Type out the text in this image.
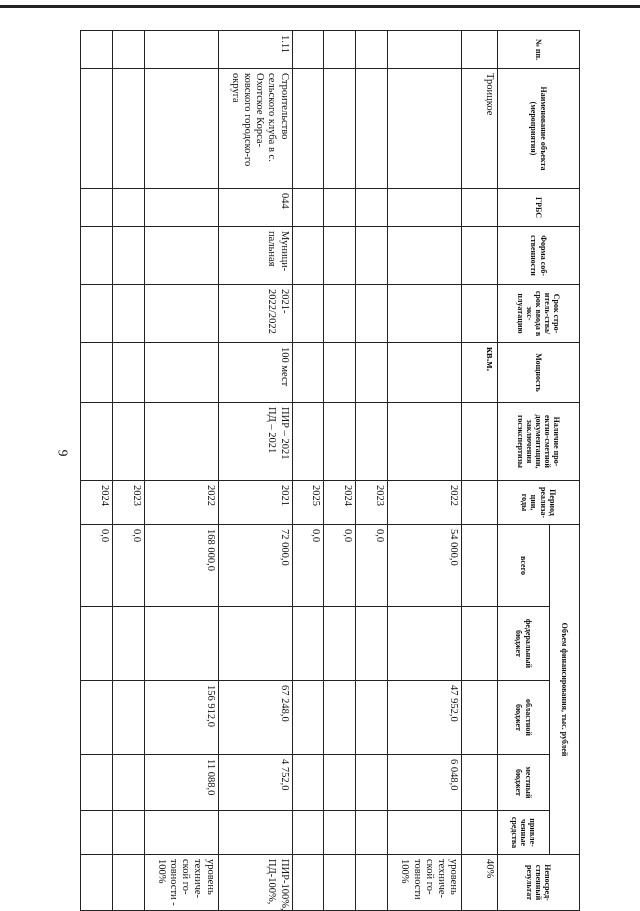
9
№ пп.	Наименование объекта (мероприятия)	ГРБС	Форма соб-ственности	Срок стро-итель-ства/срок ввода в экс-плуатацию	Мощность	Наличие про-ектно-сметной документации, заключения госэкспертизы	Период реализа-ции, годы	Объем финансирования, тыс. рублей					Непосред-ственный результат
								всего	федеральный бюджет	областной бюджет	местный бюджет	привле-ченные средства	
	Троицкое				кв.м.								40%
							2022	54 000,0		47 952,0	6 048,0		уровень техниче-ской го-товности 100%
							2023	0,0					
							2024	0,0					
							2025	0,0					
1.11	Строительство сельского клуба в с. Охотское Корса-ковского городско-го округа	044	Муници-пальная	2021-2022/2022	100 мест	ПИР – 2021 ПД – 2021	2021	72 000,0		67 248,0	4 752,0		ПИР-100%, ПД-100%,
							2022	168 000,0		156 912,0	11 088,0		уровень техниче-ской го-товности - 100%
							2023	0,0					
							2024	0,0					
